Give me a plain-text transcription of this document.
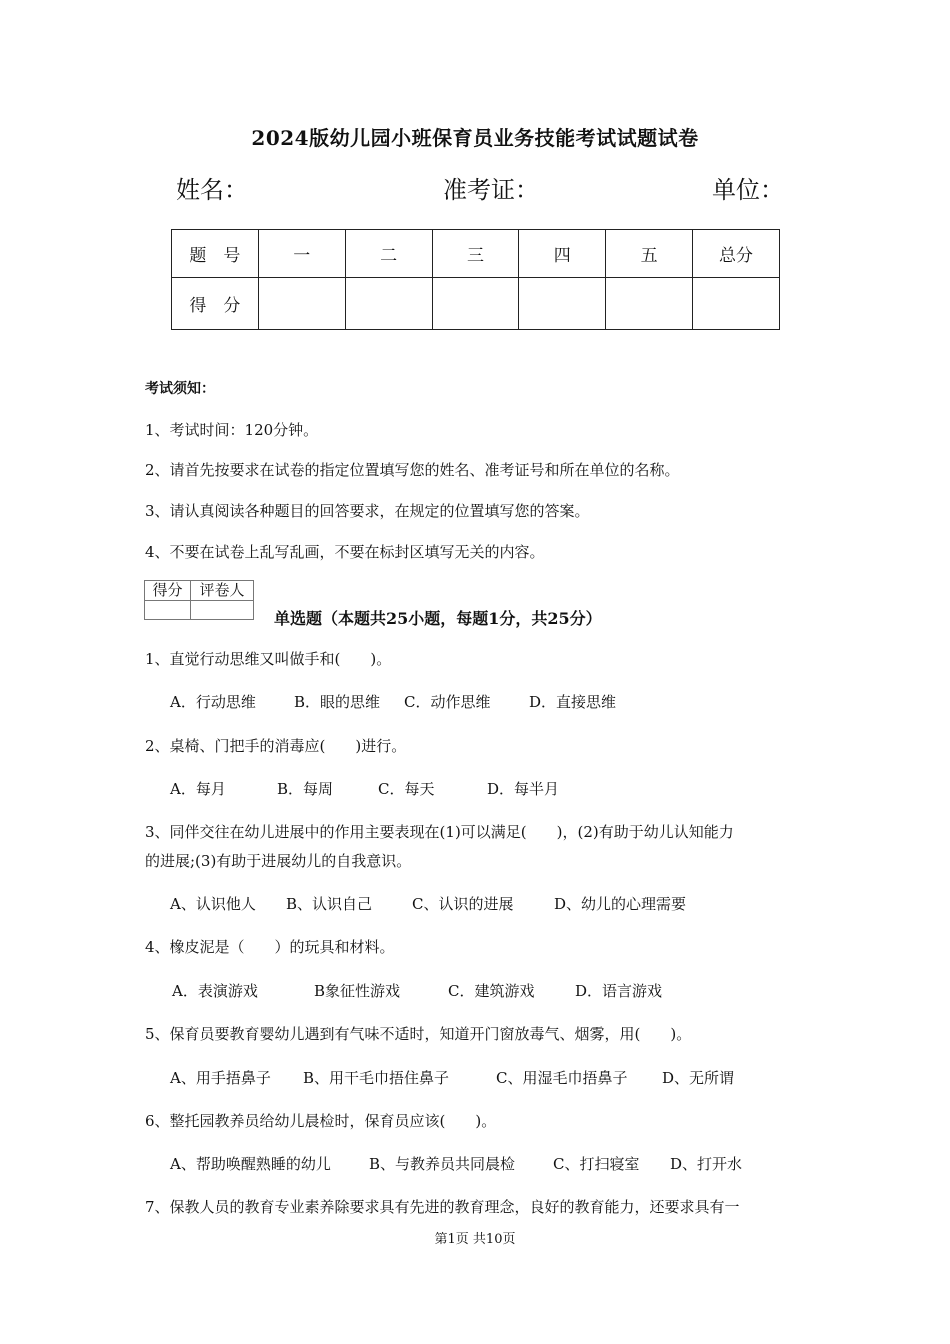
2024版幼儿园小班保育员业务技能考试试题试卷
姓名：	准考证：	单位：
题　号	一	二	三	四	五	总分
得　分						
考试须知：
1、考试时间：120分钟。
2、请首先按要求在试卷的指定位置填写您的姓名、准考证号和所在单位的名称。
3、请认真阅读各种题目的回答要求，在规定的位置填写您的答案。
4、不要在试卷上乱写乱画，不要在标封区填写无关的内容。
得分	评卷人

单选题（本题共25小题，每题1分，共25分）
1、直觉行动思维又叫做手和(　　)。
A．行动思维	B．眼的思维 C．动作思维	D．直接思维
2、桌椅、门把手的消毒应(　　)进行。
A．每月	B．每周	C．每天	D．每半月
3、同伴交往在幼儿进展中的作用主要表现在(1)可以满足(　　)，(2)有助于幼儿认知能力
的进展;(3)有助于进展幼儿的自我意识。
A、认识他人 B、认识自己	C、认识的进展	D、幼儿的心理需要
4、橡皮泥是（　　）的玩具和材料。
A．表演游戏	B象征性游戏	C．建筑游戏	D．语言游戏
5、保育员要教育婴幼儿遇到有气味不适时，知道开门窗放毒气、烟雾，用(　　)。
A、用手捂鼻子 B、用干毛巾捂住鼻子	C、用湿毛巾捂鼻子 D、无所谓
6、整托园教养员给幼儿晨检时，保育员应该(　　)。
A、帮助唤醒熟睡的幼儿	B、与教养员共同晨检	C、打扫寝室 D、打开水
7、保教人员的教育专业素养除要求具有先进的教育理念，良好的教育能力，还要求具有一
第1页 共10页
